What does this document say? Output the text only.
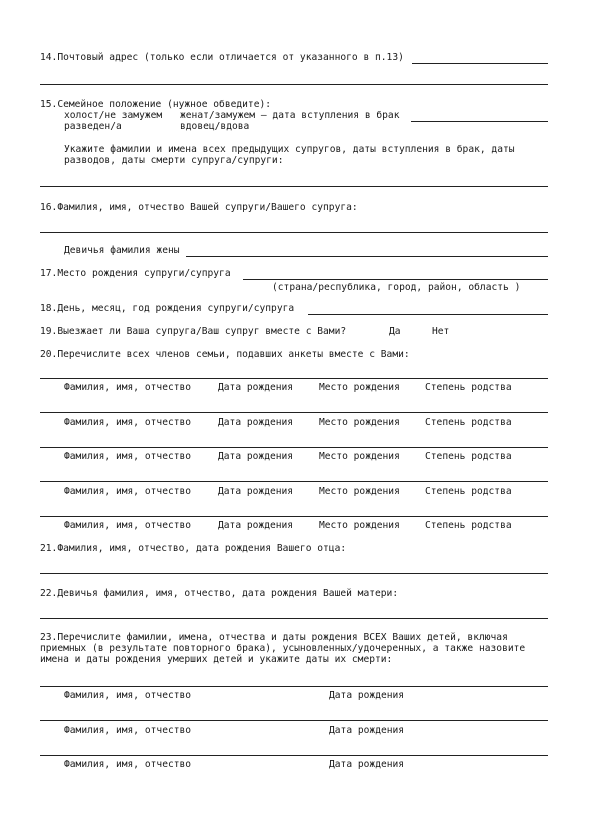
14.Почтовый адрес (только если отличается от указанного в п.13)
15.Семейное положение (нужное обведите):
холост/не замужем женат/замужем – дата вступления в брак
разведен/а	вдовец/вдова
Укажите фамилии и имена всех предыдущих супругов, даты вступления в брак, даты
разводов, даты смерти супруга/супруги:
16.Фамилия, имя, отчество Вашей супруги/Вашего супруга:
Девичья фамилия жены
17.Место рождения супруги/супруга
(страна/республика, город, район, область )
18.День, месяц, год рождения супруги/супруга
19.Выезжает ли Ваша супруга/Ваш супруг вместе с Вами?	Да	Нет
20.Перечислите всех членов семьи, подавших анкеты вместе с Вами:
Фамилия, имя, отчество	Дата рождения	Место рождения	Степень родства
Фамилия, имя, отчество	Дата рождения	Место рождения	Степень родства
Фамилия, имя, отчество	Дата рождения	Место рождения	Степень родства
Фамилия, имя, отчество	Дата рождения	Место рождения	Степень родства
Фамилия, имя, отчество	Дата рождения	Место рождения	Степень родства
21.Фамилия, имя, отчество, дата рождения Вашего отца:
22.Девичья фамилия, имя, отчество, дата рождения Вашей матери:
23.Перечислите фамилии, имена, отчества и даты рождения ВСЕХ Ваших детей, включая
приемных (в результате повторного брака), усыновленных/удочеренных, а также назовите
имена и даты рождения умерших детей и укажите даты их смерти:
Фамилия, имя, отчество	Дата рождения
Фамилия, имя, отчество	Дата рождения
Фамилия, имя, отчество	Дата рождения
